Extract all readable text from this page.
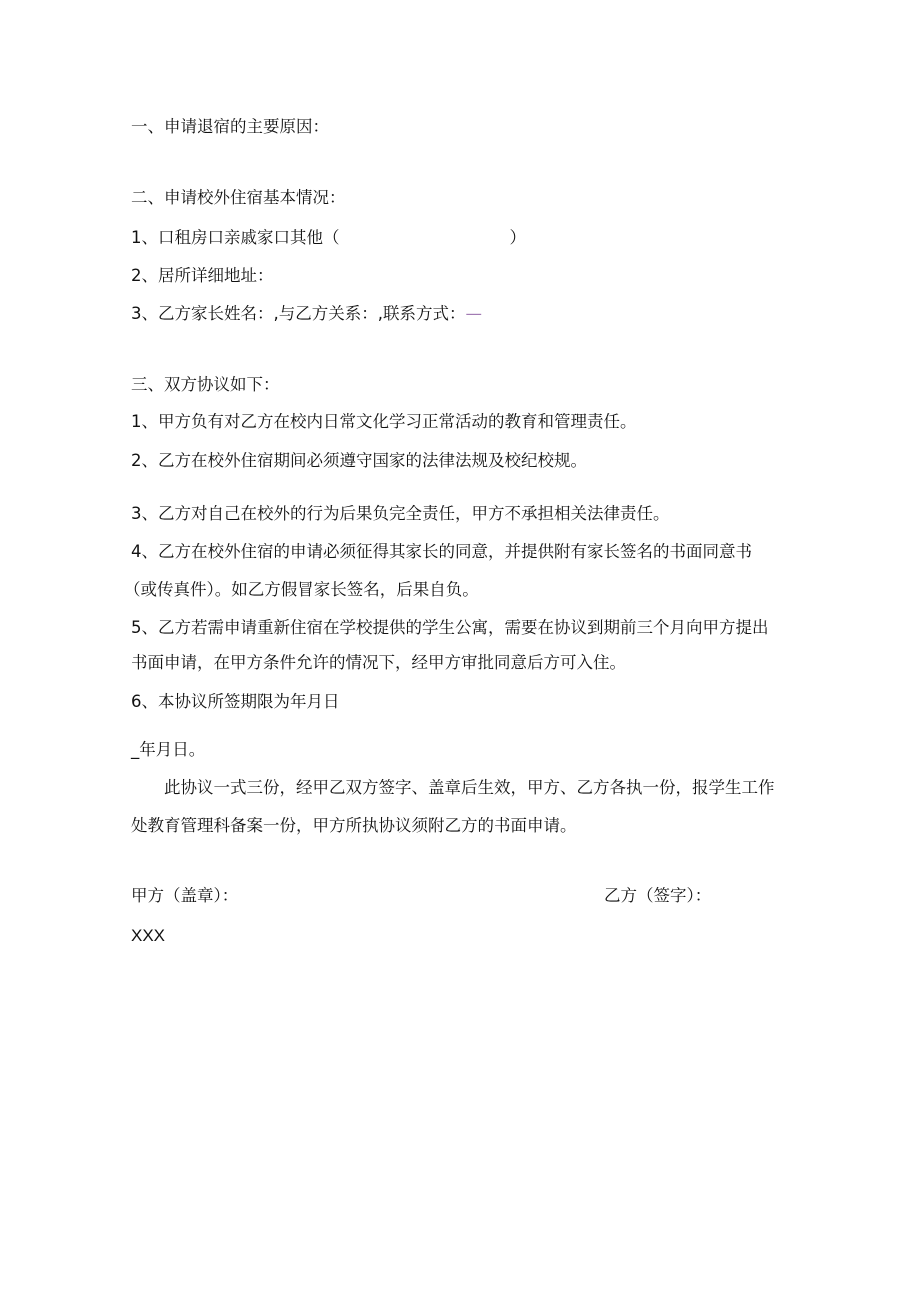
一、申请退宿的主要原因：
二、申请校外住宿基本情况：
1、口租房口亲戚家口其他（	）
2、居所详细地址：
3、乙方家长姓名：,与乙方关系：,联系方式：—
三、双方协议如下：
1、甲方负有对乙方在校内日常文化学习正常活动的教育和管理责任。
2、乙方在校外住宿期间必须遵守国家的法律法规及校纪校规。
3、乙方对自己在校外的行为后果负完全责任，甲方不承担相关法律责任。
4、乙方在校外住宿的申请必须征得其家长的同意，并提供附有家长签名的书面同意书
（或传真件）。如乙方假冒家长签名，后果自负。
5、乙方若需申请重新住宿在学校提供的学生公寓，需要在协议到期前三个月向甲方提出
书面申请，在甲方条件允许的情况下，经甲方审批同意后方可入住。
6、本协议所签期限为年月日
_年月日。
此协议一式三份，经甲乙双方签字、盖章后生效，甲方、乙方各执一份，报学生工作
处教育管理科备案一份，甲方所执协议须附乙方的书面申请。
甲方（盖章）：	乙方（签字）：
XXX
